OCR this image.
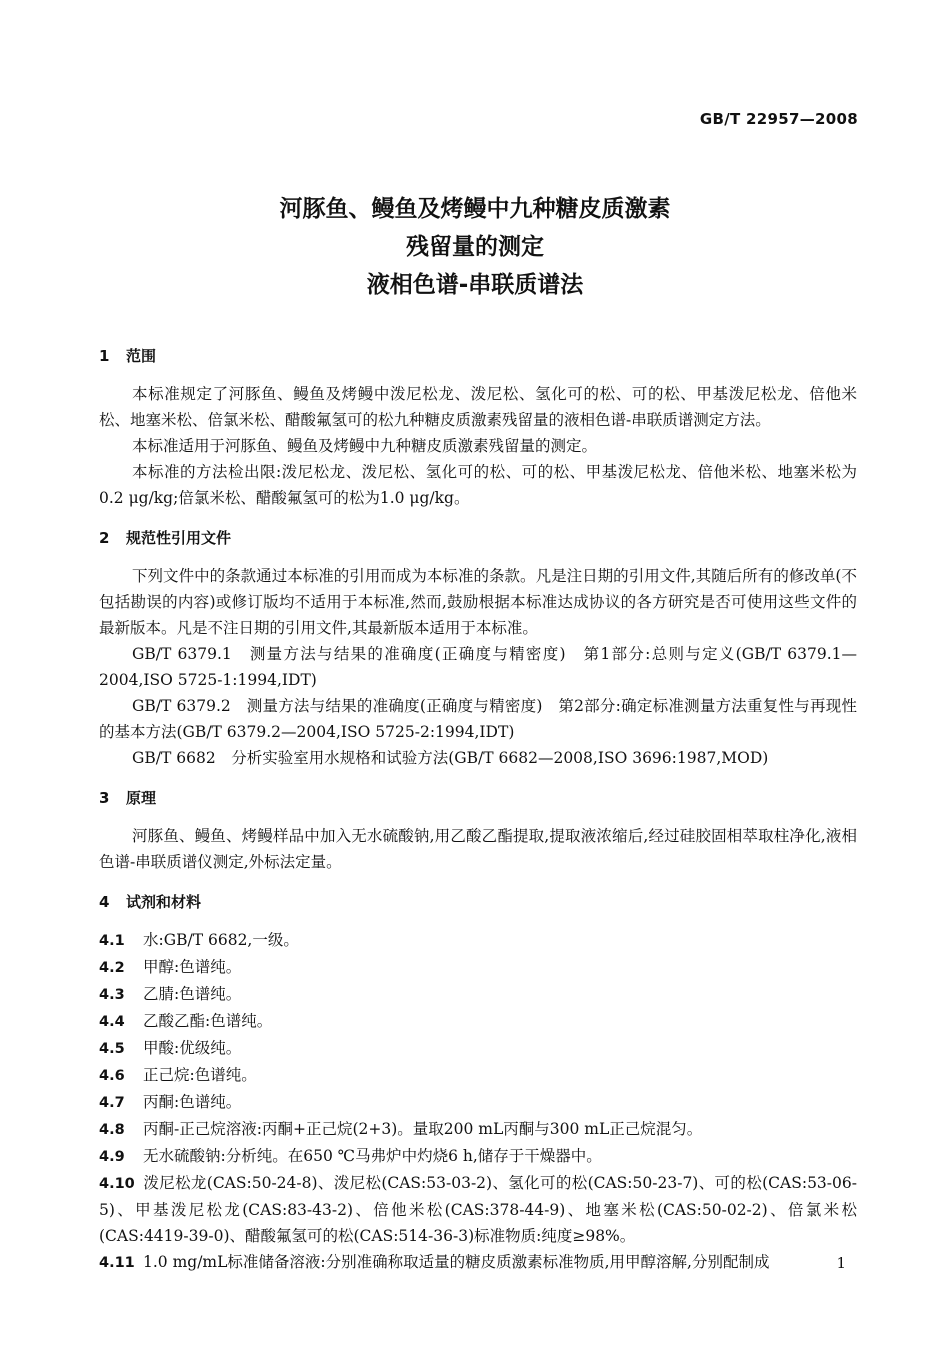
GB/T 22957—2008
河豚鱼、鳗鱼及烤鳗中九种糖皮质激素
残留量的测定
液相色谱-串联质谱法

1 范围

本标准规定了河豚鱼、鳗鱼及烤鳗中泼尼松龙、泼尼松、氢化可的松、可的松、甲基泼尼松龙、倍他米松、地塞米松、倍氯米松、醋酸氟氢可的松九种糖皮质激素残留量的液相色谱-串联质谱测定方法。

本标准适用于河豚鱼、鳗鱼及烤鳗中九种糖皮质激素残留量的测定。

本标准的方法检出限:泼尼松龙、泼尼松、氢化可的松、可的松、甲基泼尼松龙、倍他米松、地塞米松为0.2 μg/kg;倍氯米松、醋酸氟氢可的松为1.0 μg/kg。

2 规范性引用文件

下列文件中的条款通过本标准的引用而成为本标准的条款。凡是注日期的引用文件,其随后所有的修改单(不包括勘误的内容)或修订版均不适用于本标准,然而,鼓励根据本标准达成协议的各方研究是否可使用这些文件的最新版本。凡是不注日期的引用文件,其最新版本适用于本标准。

GB/T 6379.1　测量方法与结果的准确度(正确度与精密度)　第1部分:总则与定义(GB/T 6379.1—2004,ISO 5725-1:1994,IDT)

GB/T 6379.2　测量方法与结果的准确度(正确度与精密度)　第2部分:确定标准测量方法重复性与再现性的基本方法(GB/T 6379.2—2004,ISO 5725-2:1994,IDT)

GB/T 6682　分析实验室用水规格和试验方法(GB/T 6682—2008,ISO 3696:1987,MOD)

3 原理

河豚鱼、鳗鱼、烤鳗样品中加入无水硫酸钠,用乙酸乙酯提取,提取液浓缩后,经过硅胶固相萃取柱净化,液相色谱-串联质谱仪测定,外标法定量。

4 试剂和材料

4.1 水:GB/T 6682,一级。

4.2 甲醇:色谱纯。

4.3 乙腈:色谱纯。

4.4 乙酸乙酯:色谱纯。

4.5 甲酸:优级纯。

4.6 正己烷:色谱纯。

4.7 丙酮:色谱纯。

4.8 丙酮-正己烷溶液:丙酮+正己烷(2+3)。量取200 mL丙酮与300 mL正己烷混匀。

4.9 无水硫酸钠:分析纯。在650 ℃马弗炉中灼烧6 h,储存于干燥器中。

4.10 泼尼松龙(CAS:50-24-8)、泼尼松(CAS:53-03-2)、氢化可的松(CAS:50-23-7)、可的松(CAS:53-06-5)、甲基泼尼松龙(CAS:83-43-2)、倍他米松(CAS:378-44-9)、地塞米松(CAS:50-02-2)、倍氯米松(CAS:4419-39-0)、醋酸氟氢可的松(CAS:514-36-3)标准物质:纯度≥98%。

4.11 1.0 mg/mL标准储备溶液:分别准确称取适量的糖皮质激素标准物质,用甲醇溶解,分别配制成	1
